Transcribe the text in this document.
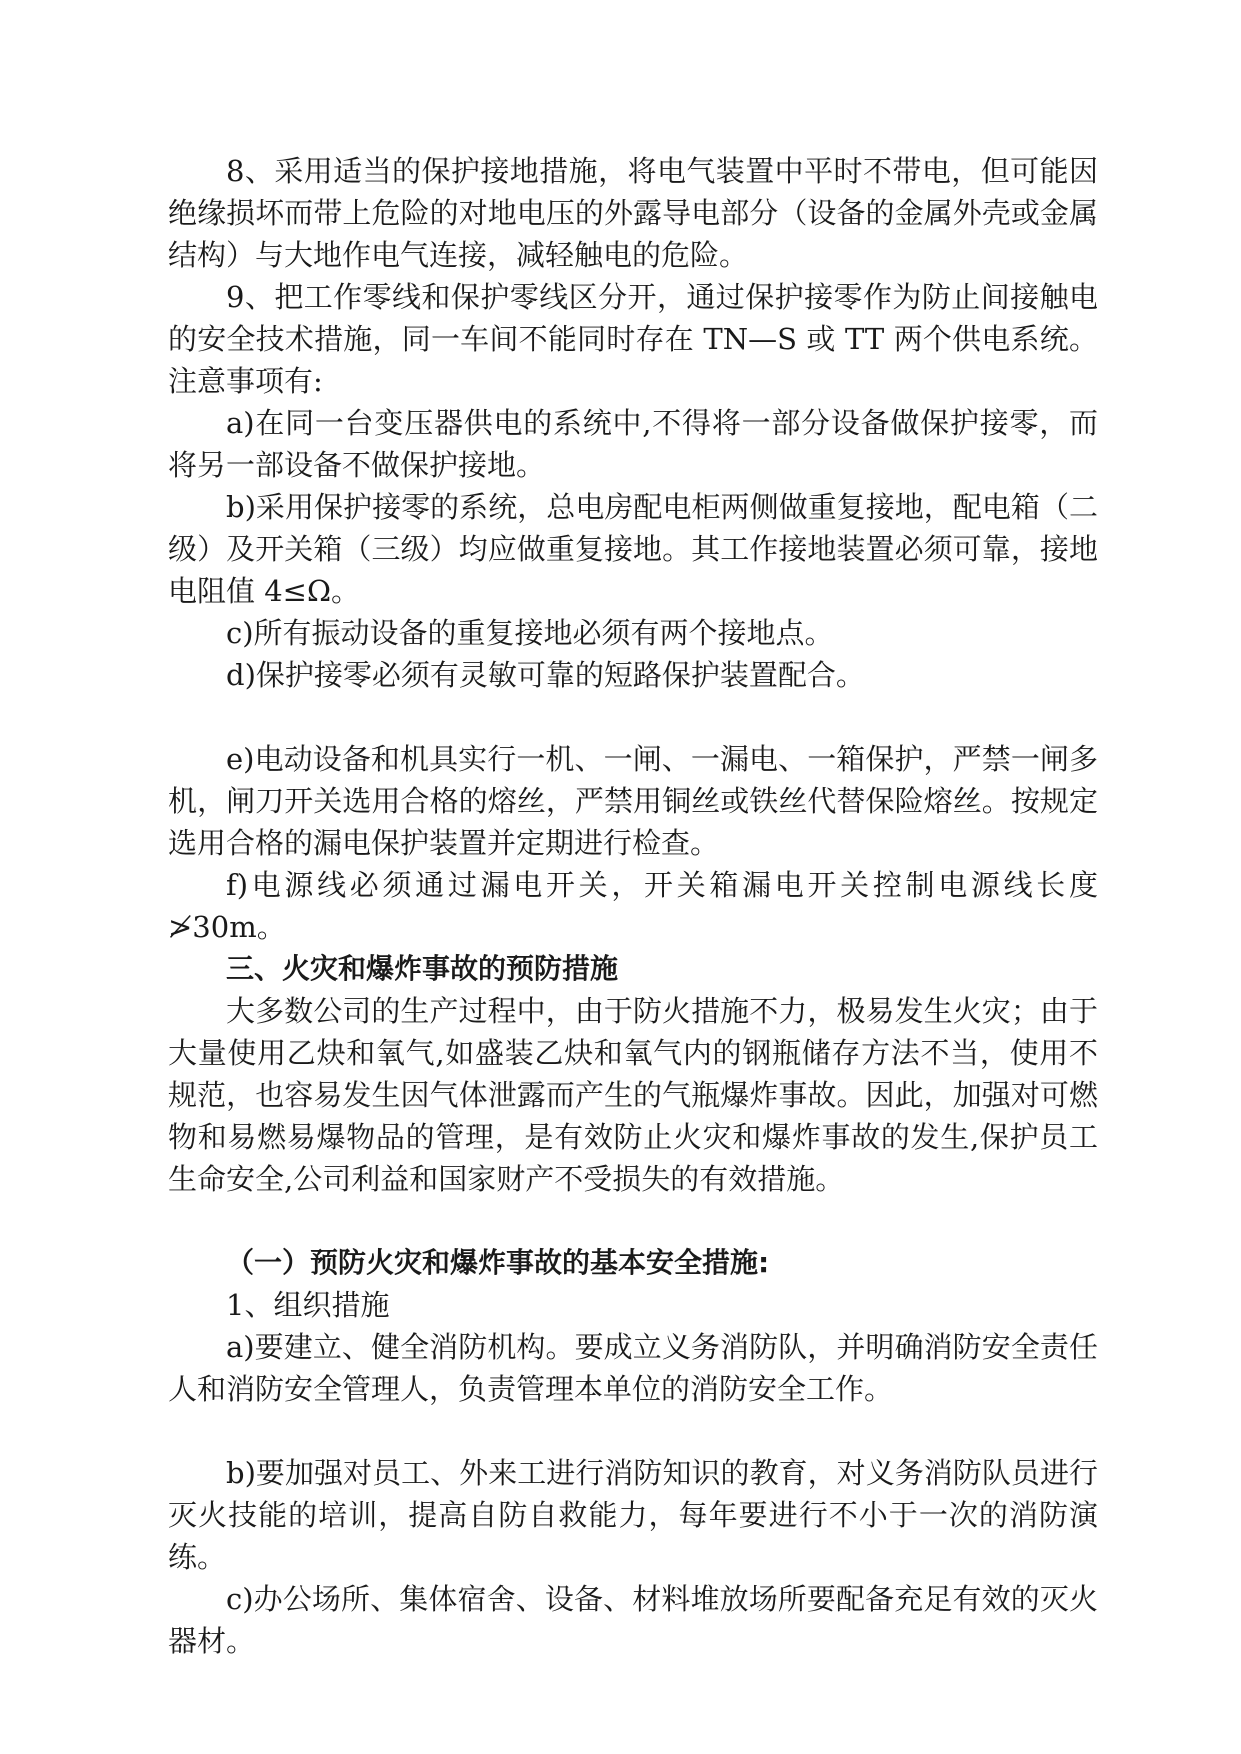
8、采用适当的保护接地措施，将电气装置中平时不带电，但可能因绝缘损坏而带上危险的对地电压的外露导电部分（设备的金属外壳或金属结构）与大地作电气连接，减轻触电的危险。

9、把工作零线和保护零线区分开，通过保护接零作为防止间接触电的安全技术措施，同一车间不能同时存在 TN—S 或 TT 两个供电系统。注意事项有:

a)在同一台变压器供电的系统中,不得将一部分设备做保护接零，而将另一部设备不做保护接地。

b)采用保护接零的系统，总电房配电柜两侧做重复接地，配电箱（二级）及开关箱（三级）均应做重复接地。其工作接地装置必须可靠，接地电阻值 4≤Ω。

c)所有振动设备的重复接地必须有两个接地点。

d)保护接零必须有灵敏可靠的短路保护装置配合。

e)电动设备和机具实行一机、一闸、一漏电、一箱保护，严禁一闸多机，闸刀开关选用合格的熔丝，严禁用铜丝或铁丝代替保险熔丝。按规定选用合格的漏电保护装置并定期进行检查。

f)电源线必须通过漏电开关，开关箱漏电开关控制电源线长度≯30m。

三、火灾和爆炸事故的预防措施

大多数公司的生产过程中，由于防火措施不力，极易发生火灾；由于大量使用乙炔和氧气,如盛装乙炔和氧气内的钢瓶储存方法不当，使用不规范，也容易发生因气体泄露而产生的气瓶爆炸事故。因此，加强对可燃物和易燃易爆物品的管理，是有效防止火灾和爆炸事故的发生,保护员工生命安全,公司利益和国家财产不受损失的有效措施。

（一）预防火灾和爆炸事故的基本安全措施:

1、组织措施

a)要建立、健全消防机构。要成立义务消防队，并明确消防安全责任人和消防安全管理人，负责管理本单位的消防安全工作。

b)要加强对员工、外来工进行消防知识的教育，对义务消防队员进行灭火技能的培训，提高自防自救能力，每年要进行不小于一次的消防演练。

c)办公场所、集体宿舍、设备、材料堆放场所要配备充足有效的灭火器材。
